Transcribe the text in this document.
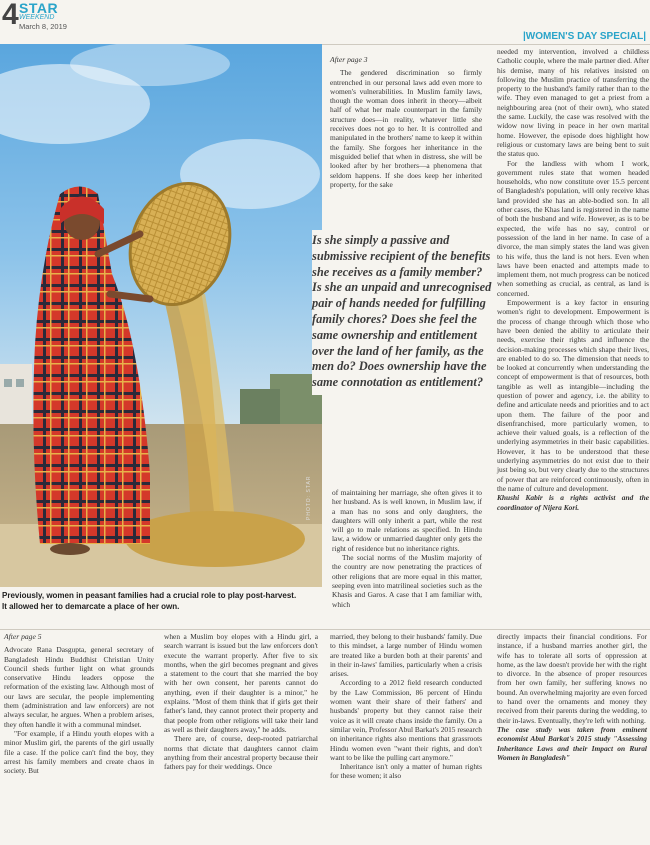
4 STAR
WEEKEND
March 8, 2019
|WOMEN'S DAY SPECIAL|
PHOTO: STAR
Previously, women in peasant families had a crucial role to play post-harvest. It allowed her to demarcate a place of her own.
After page 3

The gendered discrimination so firmly entrenched in our personal laws add even more to women's vulnerabilities. In Muslim family laws, though the woman does inherit in theory—albeit half of what her male counterpart in the family structure does—in reality, whatever little she receives does not go to her. It is controlled and manipulated in the brothers' name to keep it within the family. She forgoes her inheritance in the misguided belief that when in distress, she will be looked after by her brothers—a phenomena that seldom happens. If she does keep her inherited property, for the sake

Is she simply a passive and submissive recipient of the benefits she receives as a family member? Is she an unpaid and unrecognised pair of hands needed for fulfilling family chores? Does she feel the same ownership and entitlement over the land of her family, as the men do? Does ownership have the same connotation as entitlement?

of maintaining her marriage, she often gives it to her husband. As is well known, in Muslim law, if a man has no sons and only daughters, the daughters will only inherit a part, while the rest will go to male relations as specified. In Hindu law, a widow or unmarried daughter only gets the right of residence but no inheritance rights.

The social norms of the Muslim majority of the country are now penetrating the practices of other religions that are more equal in this matter, seeping even into matrilineal societies such as the Khasis and Garos. A case that I am familiar with, which

needed my intervention, involved a childless Catholic couple, where the male partner died. After his demise, many of his relatives insisted on following the Muslim practice of transferring the property to the husband's family rather than to the wife. They even managed to get a priest from a neighbouring area (not of their own), who stated the same. Luckily, the case was resolved with the widow now living in peace in her own marital home. However, the episode does highlight how religious or customary laws are being bent to suit the status quo.

For the landless with whom I work, government rules state that women headed households, who now constitute over 15.5 percent of Bangladesh's population, will only receive khas land provided she has an able-bodied son. In all other cases, the Khas land is registered in the name of both the husband and wife. However, as is to be expected, the wife has no say, control or possession of the land in her name. In case of a divorce, the man simply states the land was given to his wife, thus the land is not hers. Even when laws have been enacted and attempts made to implement them, not much progress can be noticed when something as crucial, as central, as land is concerned.

Empowerment is a key factor in ensuring women's right to development. Empowerment is the process of change through which those who have been denied the ability to articulate their needs, exercise their rights and influence the decision-making processes which shape their lives, are enabled to do so. The dimension that needs to be looked at concurrently when understanding the concept of empowerment is that of resources, both tangible as well as intangible—including the question of power and agency, i.e. the ability to define and articulate needs and priorities and to act upon them. The failure of the poor and disenfranchised, more particularly women, to achieve their valued goals, is a reflection of the underlying asymmetries in their basic capabilities. However, it has to be understood that these underlying asymmetries do not exist due to their just being so, but very clearly due to the structures of power that are reinforced continuously, often in the name of culture and development.

Khushi Kabir is a rights activist and the coordinator of Nijera Kori.

After page 5

Advocate Rana Dasgupta, general secretary of Bangladesh Hindu Buddhist Christian Unity Council sheds further light on what grounds conservative Hindu leaders oppose the reformation of the existing law. Although most of our laws are secular, the people implementing them (administration and law enforcers) are not always secular, he argues. When a problem arises, they often handle it with a communal mindset.

"For example, if a Hindu youth elopes with a minor Muslim girl, the parents of the girl usually file a case. If the police can't find the boy, they arrest his family members and create chaos in society. But

when a Muslim boy elopes with a Hindu girl, a search warrant is issued but the law enforcers don't execute the warrant properly. After five to six months, when the girl becomes pregnant and gives a statement to the court that she married the boy with her own consent, her parents cannot do anything, even if their daughter is a minor," he explains. "Most of them think that if girls get their father's land, they cannot protect their property and that people from other religions will take their land as well as their daughters away," he adds.

There are, of course, deep-rooted patriarchal norms that dictate that daughters cannot claim anything from their ancestral property because their fathers pay for their weddings. Once

married, they belong to their husbands' family. Due to this mindset, a large number of Hindu women are treated like a burden both at their parents' and in their in-laws' families, particularly when a crisis arises.

According to a 2012 field research conducted by the Law Commission, 86 percent of Hindu women want their share of their fathers' and husbands' property but they cannot raise their voice as it will create chaos inside the family. On a similar vein, Professor Abul Barkat's 2015 research on inheritance rights also mentions that grassroots Hindu women even "want their rights, and don't want to be like the pulling cart anymore."

Inheritance isn't only a matter of human rights for these women; it also

directly impacts their financial conditions. For instance, if a husband marries another girl, the wife has to tolerate all sorts of oppression at home, as the law doesn't provide her with the right to divorce. In the absence of proper resources from her own family, her suffering knows no bound. An overwhelming majority are even forced to hand over the ornaments and money they received from their parents during the wedding, to their in-laws. Eventually, they're left with nothing.

The case study was taken from eminent economist Abul Barkat's 2015 study "Assessing Inheritance Laws and their Impact on Rural Women in Bangladesh"
